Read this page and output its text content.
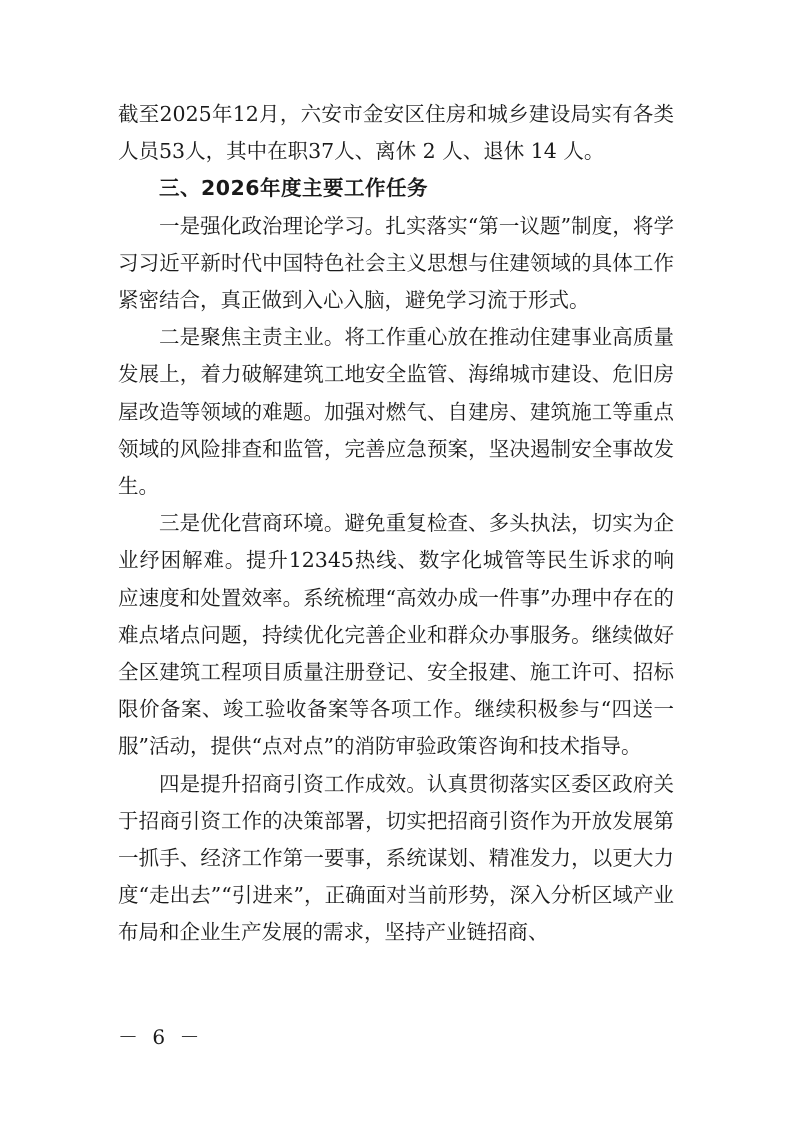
截至2025年12月，六安市金安区住房和城乡建设局实有各类人员53人，其中在职37人、离休 2 人、退休 14 人。

三、2026年度主要工作任务

一是强化政治理论学习。扎实落实“第一议题”制度，将学习习近平新时代中国特色社会主义思想与住建领域的具体工作紧密结合，真正做到入心入脑，避免学习流于形式。

二是聚焦主责主业。将工作重心放在推动住建事业高质量发展上，着力破解建筑工地安全监管、海绵城市建设、危旧房屋改造等领域的难题。加强对燃气、自建房、建筑施工等重点领域的风险排查和监管，完善应急预案，坚决遏制安全事故发生。

三是优化营商环境。避免重复检查、多头执法，切实为企业纾困解难。提升12345热线、数字化城管等民生诉求的响应速度和处置效率。系统梳理“高效办成一件事”办理中存在的难点堵点问题，持续优化完善企业和群众办事服务。继续做好全区建筑工程项目质量注册登记、安全报建、施工许可、招标限价备案、竣工验收备案等各项工作。继续积极参与“四送一服”活动，提供“点对点”的消防审验政策咨询和技术指导。

四是提升招商引资工作成效。认真贯彻落实区委区政府关于招商引资工作的决策部署，切实把招商引资作为开放发展第一抓手、经济工作第一要事，系统谋划、精准发力，以更大力度“走出去”“引进来”，正确面对当前形势，深入分析区域产业布局和企业生产发展的需求，坚持产业链招商、

－ 6 －
